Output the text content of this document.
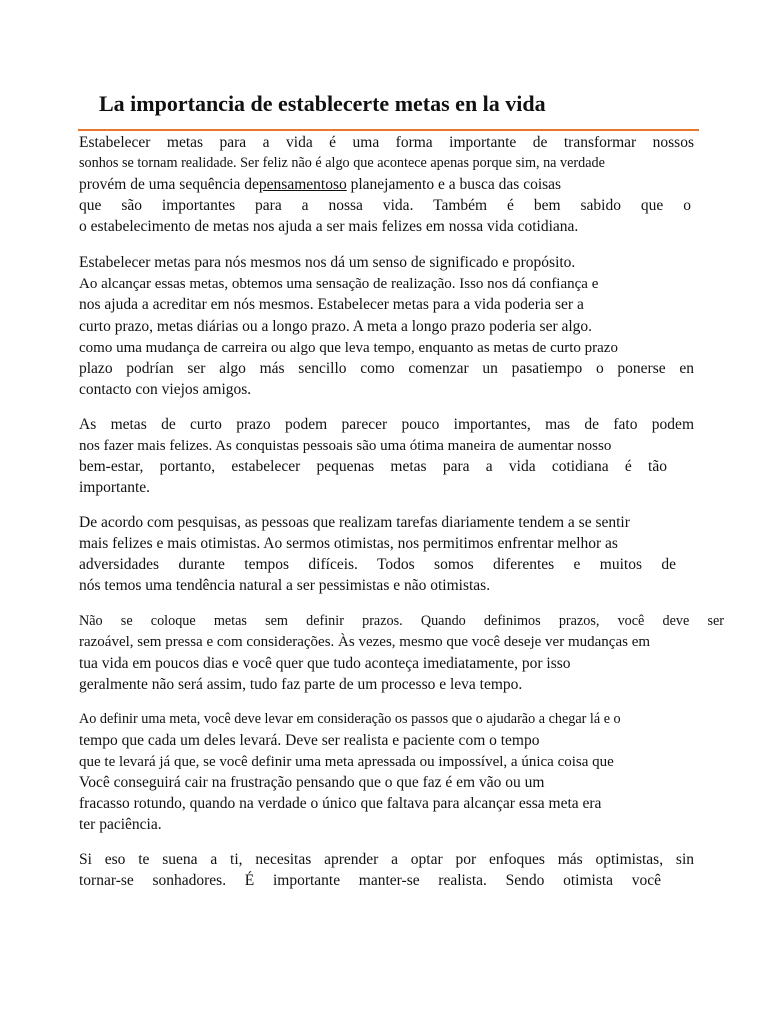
La importancia de establecerte metas en la vida

Estabelecer metas para a vida é uma forma importante de transformar nossos

sonhos se tornam realidade. Ser feliz não é algo que acontece apenas porque sim, na verdade

provém de uma sequência depensamentoso planejamento e a busca das coisas

que são importantes para a nossa vida. Também é bem sabido que o

o estabelecimento de metas nos ajuda a ser mais felizes em nossa vida cotidiana.

Estabelecer metas para nós mesmos nos dá um senso de significado e propósito.

Ao alcançar essas metas, obtemos uma sensação de realização. Isso nos dá confiança e

nos ajuda a acreditar em nós mesmos. Estabelecer metas para a vida poderia ser a

curto prazo, metas diárias ou a longo prazo. A meta a longo prazo poderia ser algo.

como uma mudança de carreira ou algo que leva tempo, enquanto as metas de curto prazo

plazo podrían ser algo más sencillo como comenzar un pasatiempo o ponerse en

contacto con viejos amigos.

As metas de curto prazo podem parecer pouco importantes, mas de fato podem

nos fazer mais felizes. As conquistas pessoais são uma ótima maneira de aumentar nosso

bem-estar, portanto, estabelecer pequenas metas para a vida cotidiana é tão

importante.

De acordo com pesquisas, as pessoas que realizam tarefas diariamente tendem a se sentir

mais felizes e mais otimistas. Ao sermos otimistas, nos permitimos enfrentar melhor as

adversidades durante tempos difíceis. Todos somos diferentes e muitos de

nós temos uma tendência natural a ser pessimistas e não otimistas.

Não se coloque metas sem definir prazos. Quando definimos prazos, você deve ser

razoável, sem pressa e com considerações. Às vezes, mesmo que você deseje ver mudanças em

tua vida em poucos dias e você quer que tudo aconteça imediatamente, por isso

geralmente não será assim, tudo faz parte de um processo e leva tempo.

Ao definir uma meta, você deve levar em consideração os passos que o ajudarão a chegar lá e o

tempo que cada um deles levará. Deve ser realista e paciente com o tempo

que te levará já que, se você definir uma meta apressada ou impossível, a única coisa que

Você conseguirá cair na frustração pensando que o que faz é em vão ou um

fracasso rotundo, quando na verdade o único que faltava para alcançar essa meta era

ter paciência.

Si eso te suena a ti, necesitas aprender a optar por enfoques más optimistas, sin

tornar-se sonhadores. É importante manter-se realista. Sendo otimista você
